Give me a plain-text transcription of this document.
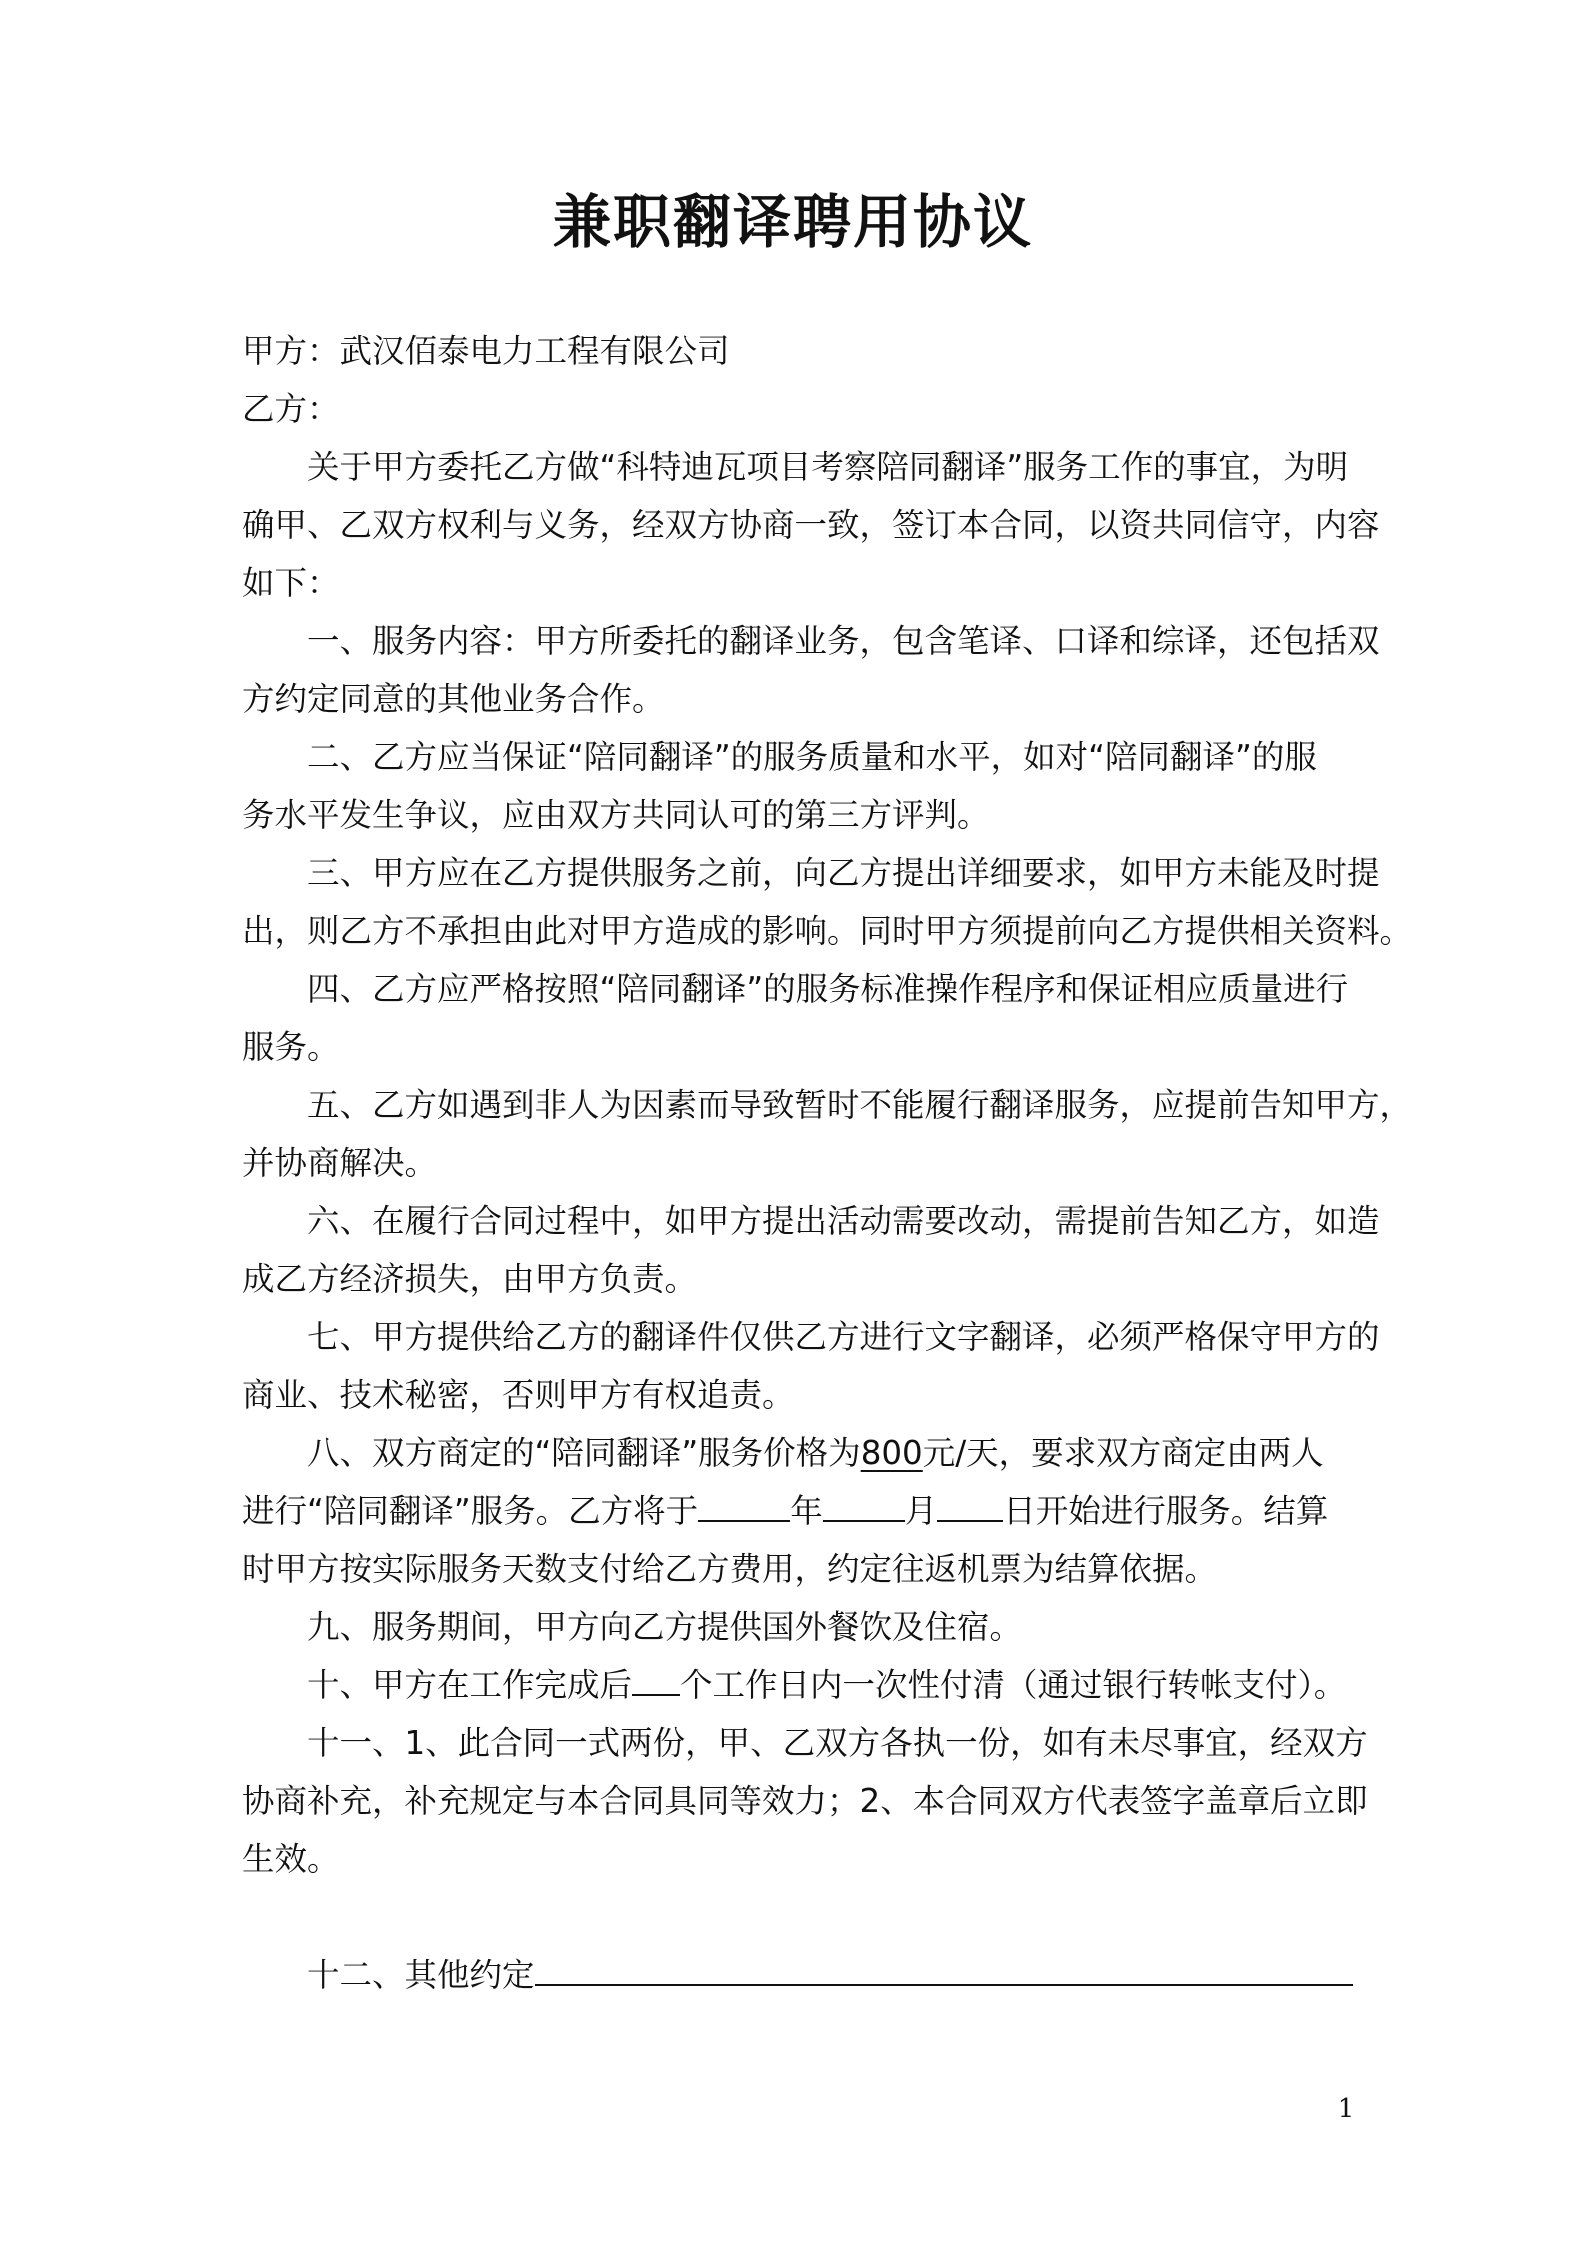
兼职翻译聘用协议
甲方：武汉佰泰电力工程有限公司
乙方：
关于甲方委托乙方做“科特迪瓦项目考察陪同翻译”服务工作的事宜，为明
确甲、乙双方权利与义务，经双方协商一致，签订本合同，以资共同信守，内容
如下：
一、服务内容：甲方所委托的翻译业务，包含笔译、口译和综译，还包括双
方约定同意的其他业务合作。
二、乙方应当保证“陪同翻译”的服务质量和水平，如对“陪同翻译”的服
务水平发生争议，应由双方共同认可的第三方评判。
三、甲方应在乙方提供服务之前，向乙方提出详细要求，如甲方未能及时提
出，则乙方不承担由此对甲方造成的影响。同时甲方须提前向乙方提供相关资料。
四、乙方应严格按照“陪同翻译”的服务标准操作程序和保证相应质量进行
服务。
五、乙方如遇到非人为因素而导致暂时不能履行翻译服务，应提前告知甲方，
并协商解决。
六、在履行合同过程中，如甲方提出活动需要改动，需提前告知乙方，如造
成乙方经济损失，由甲方负责。
七、甲方提供给乙方的翻译件仅供乙方进行文字翻译，必须严格保守甲方的
商业、技术秘密，否则甲方有权追责。
八、双方商定的“陪同翻译”服务价格为800元/天，要求双方商定由两人
进行“陪同翻译”服务。乙方将于	年	月 日开始进行服务。结算
时甲方按实际服务天数支付给乙方费用，约定往返机票为结算依据。
九、服务期间，甲方向乙方提供国外餐饮及住宿。
十、甲方在工作完成后 个工作日内一次性付清（通过银行转帐支付）。
十一、1、此合同一式两份，甲、乙双方各执一份，如有未尽事宜，经双方
协商补充，补充规定与本合同具同等效力；2、本合同双方代表签字盖章后立即
生效。
十二、其他约定
1
